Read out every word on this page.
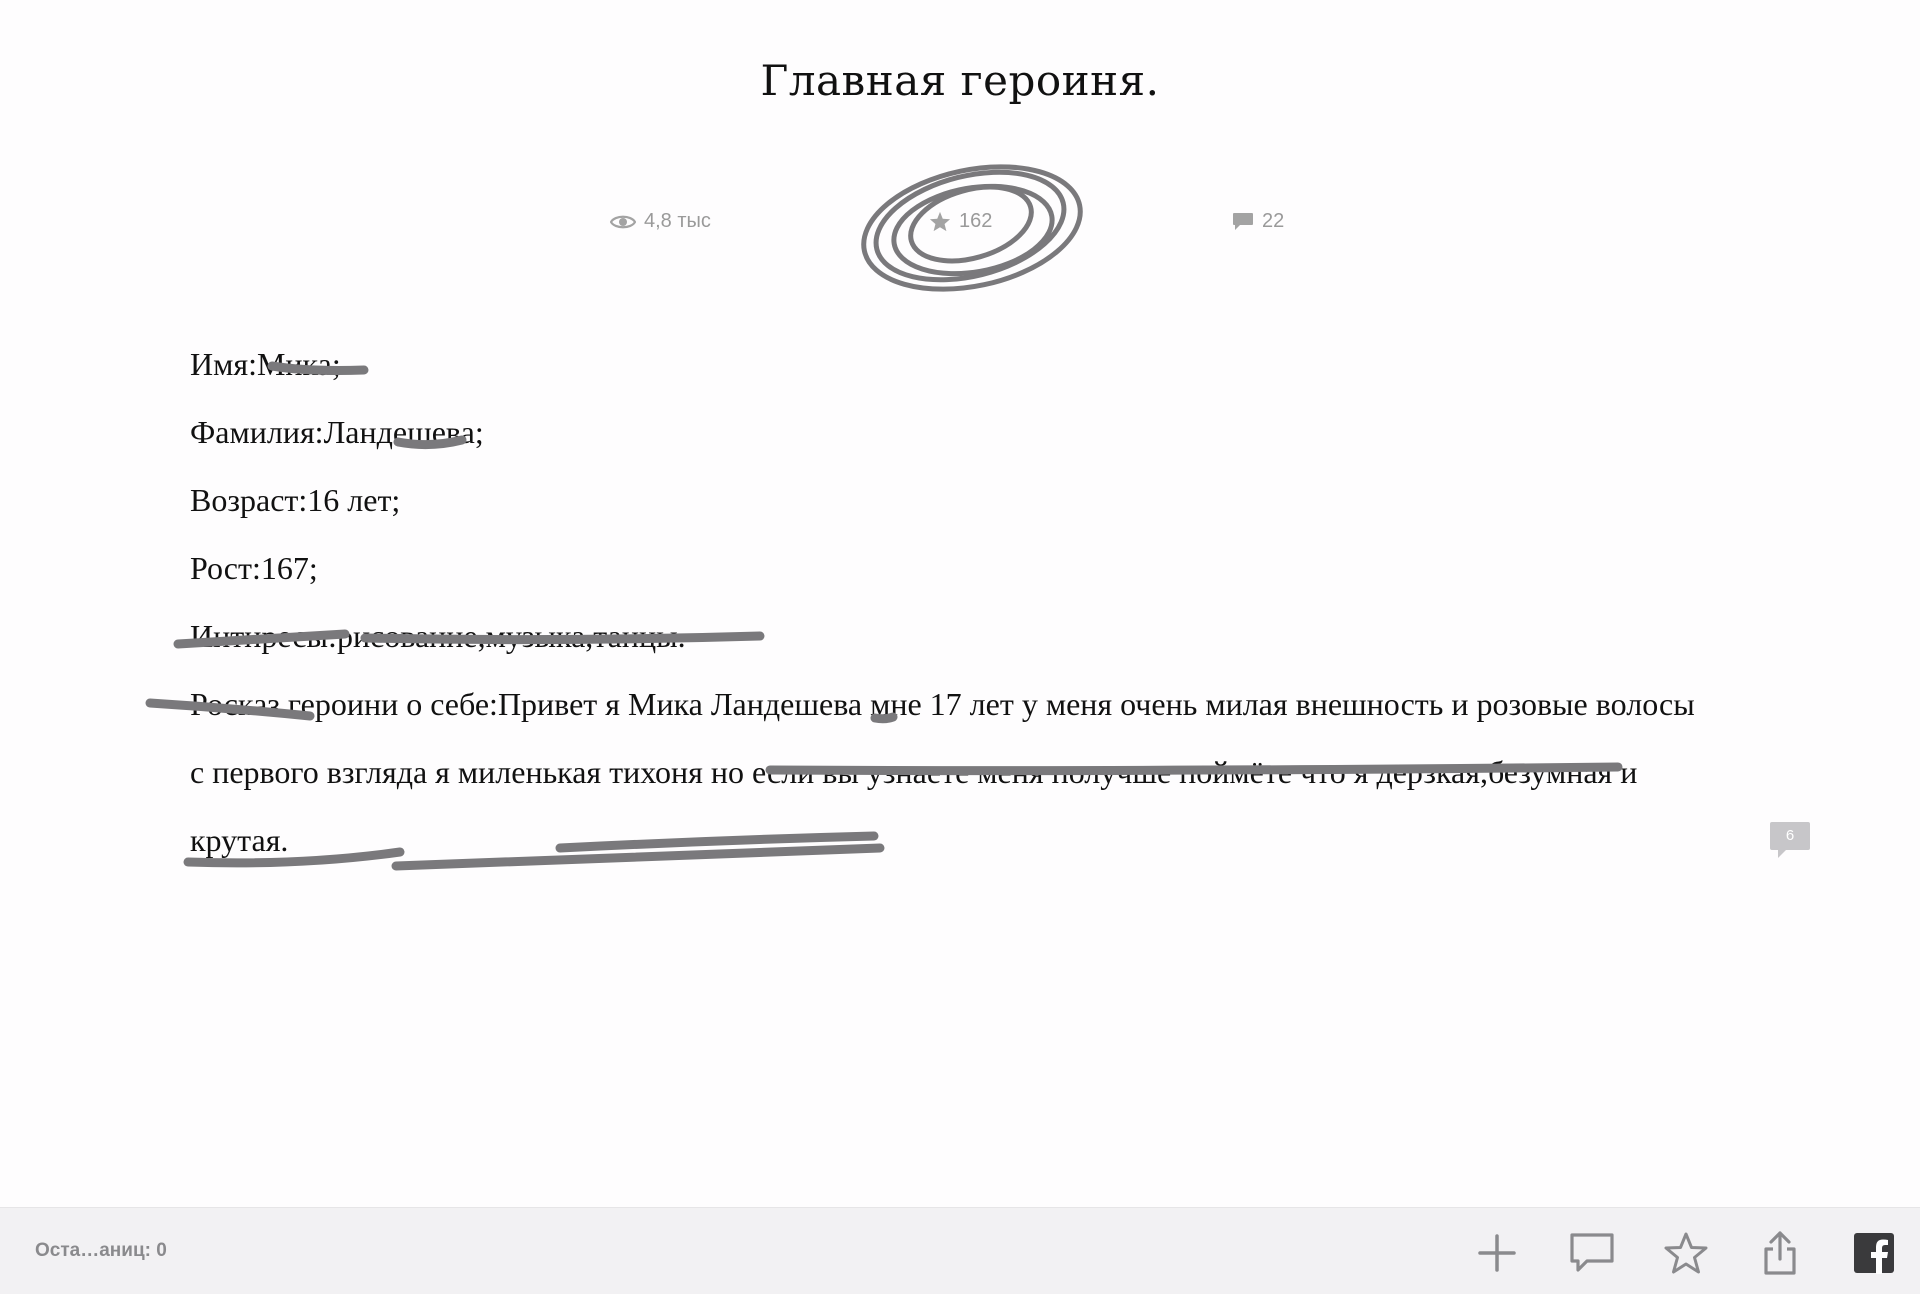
Главная героиня.
4,8 тыс	162	22

Имя:Мика;

Фамилия:Ландешева;

Возраст:16 лет;

Рост:167;

Интиресы:рисование,музыка,танцы.

Росказ героини о себе:Привет я Мика Ландешева мне 17 лет у меня очень милая внешность и розовые волосы с первого взгляда я миленькая тихоня но если вы узнаете меня получше поймёте что я дерзкая,безумная и крутая.	6
Оста…аниц: 0
